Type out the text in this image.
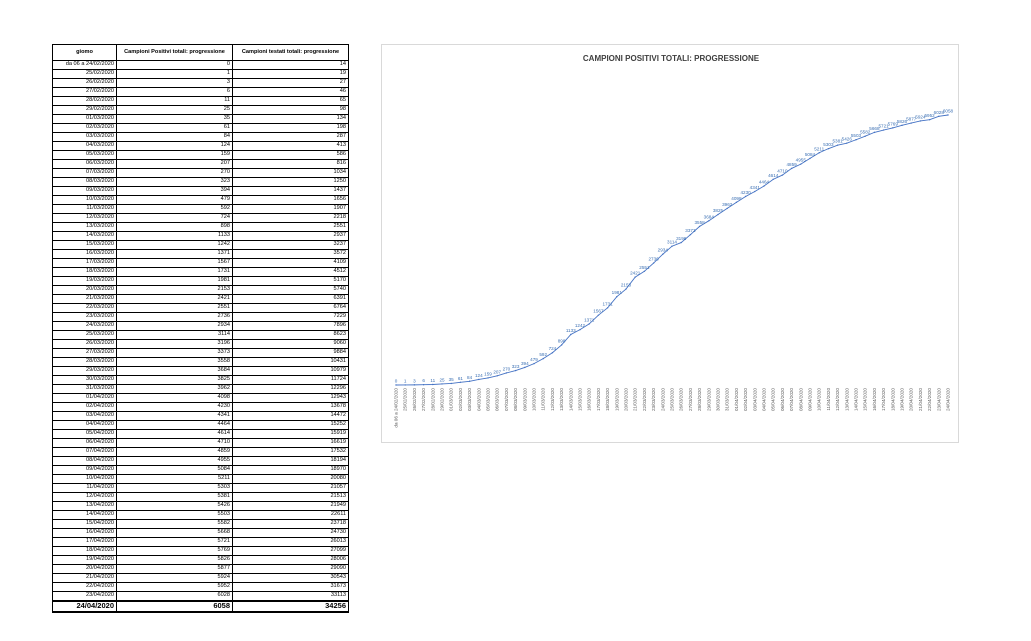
giomo	Campioni Positivi totali: progressione	Campioni testati totali: progressione
da 06 a 24/02/2020	0	14
25/02/2020	1	19
26/02/2020	3	27
27/02/2020	6	46
28/02/2020	11	65
29/02/2020	25	98
01/03/2020	35	134
02/03/2020	61	198
03/03/2020	84	287
04/03/2020	124	413
05/03/2020	159	586
06/03/2020	207	816
07/03/2020	270	1034
08/03/2020	323	1250
09/03/2020	394	1437
10/03/2020	479	1656
11/03/2020	592	1907
12/03/2020	724	2218
13/03/2020	898	2551
14/03/2020	1133	2937
15/03/2020	1242	3237
16/03/2020	1371	3572
17/03/2020	1567	4109
18/03/2020	1731	4512
19/03/2020	1981	5170
20/03/2020	2153	5740
21/03/2020	2421	6391
22/03/2020	2551	6764
23/03/2020	2736	7229
24/03/2020	2934	7896
25/03/2020	3114	8623
26/03/2020	3196	9060
27/03/2020	3373	9884
28/03/2020	3558	10431
29/03/2020	3684	10979
30/03/2020	3825	11724
31/03/2020	3962	12296
01/04/2020	4098	12943
02/04/2020	4230	13678
03/04/2020	4341	14472
04/04/2020	4464	15252
05/04/2020	4614	15919
06/04/2020	4710	16619
07/04/2020	4859	17532
08/04/2020	4955	18194
09/04/2020	5084	18970
10/04/2020	5211	20080
11/04/2020	5303	21057
12/04/2020	5381	21513
13/04/2020	5426	21949
14/04/2020	5503	22611
15/04/2020	5582	23718
16/04/2020	5668	24730
17/04/2020	5721	26013
18/04/2020	5769	27099
19/04/2020	5826	28006
20/04/2020	5877	29090
21/04/2020	5924	30543
22/04/2020	5952	31673
23/04/2020	6028	33113
24/04/2020	6058	34256
CAMPIONI POSITIVI TOTALI: PROGRESSIONE
0 1 3 6 11 25 35 61 84 124 159 207
270 323
394
479
592
724
898
1133
1242
1371
1567
1731
1981
2153
2421
2551
2736
2934
3114
3196
3373
3558
3684
3825
3962
4098
4230
4341
4464
4614
4710
4859
4955
5084
5211
5303
5381
5426
5503
5582
5668
5721
5769
5826
5877
5924
5952
6028
6058
da 06 a 24/02/2020 25/02/2020 26/02/2020 27/02/2020 28/02/2020 29/02/2020 01/03/2020 02/03/2020 03/03/2020 04/03/2020 05/03/2020 06/03/2020 07/03/2020 08/03/2020 09/03/2020 10/03/2020 11/03/2020 12/03/2020 13/03/2020 14/03/2020 15/03/2020 16/03/2020 17/03/2020 18/03/2020 19/03/2020 20/03/2020 21/03/2020 22/03/2020 23/03/2020 24/03/2020 25/03/2020 26/03/2020 27/03/2020 28/03/2020 29/03/2020 30/03/2020 31/03/2020 01/04/2020 02/04/2020 03/04/2020 04/04/2020 05/04/2020 06/04/2020 07/04/2020 08/04/2020 09/04/2020 10/04/2020 11/04/2020 12/04/2020 13/04/2020 14/04/2020 15/04/2020 16/04/2020 17/04/2020 18/04/2020 19/04/2020 20/04/2020 21/04/2020 22/04/2020 23/04/2020 24/04/2020
